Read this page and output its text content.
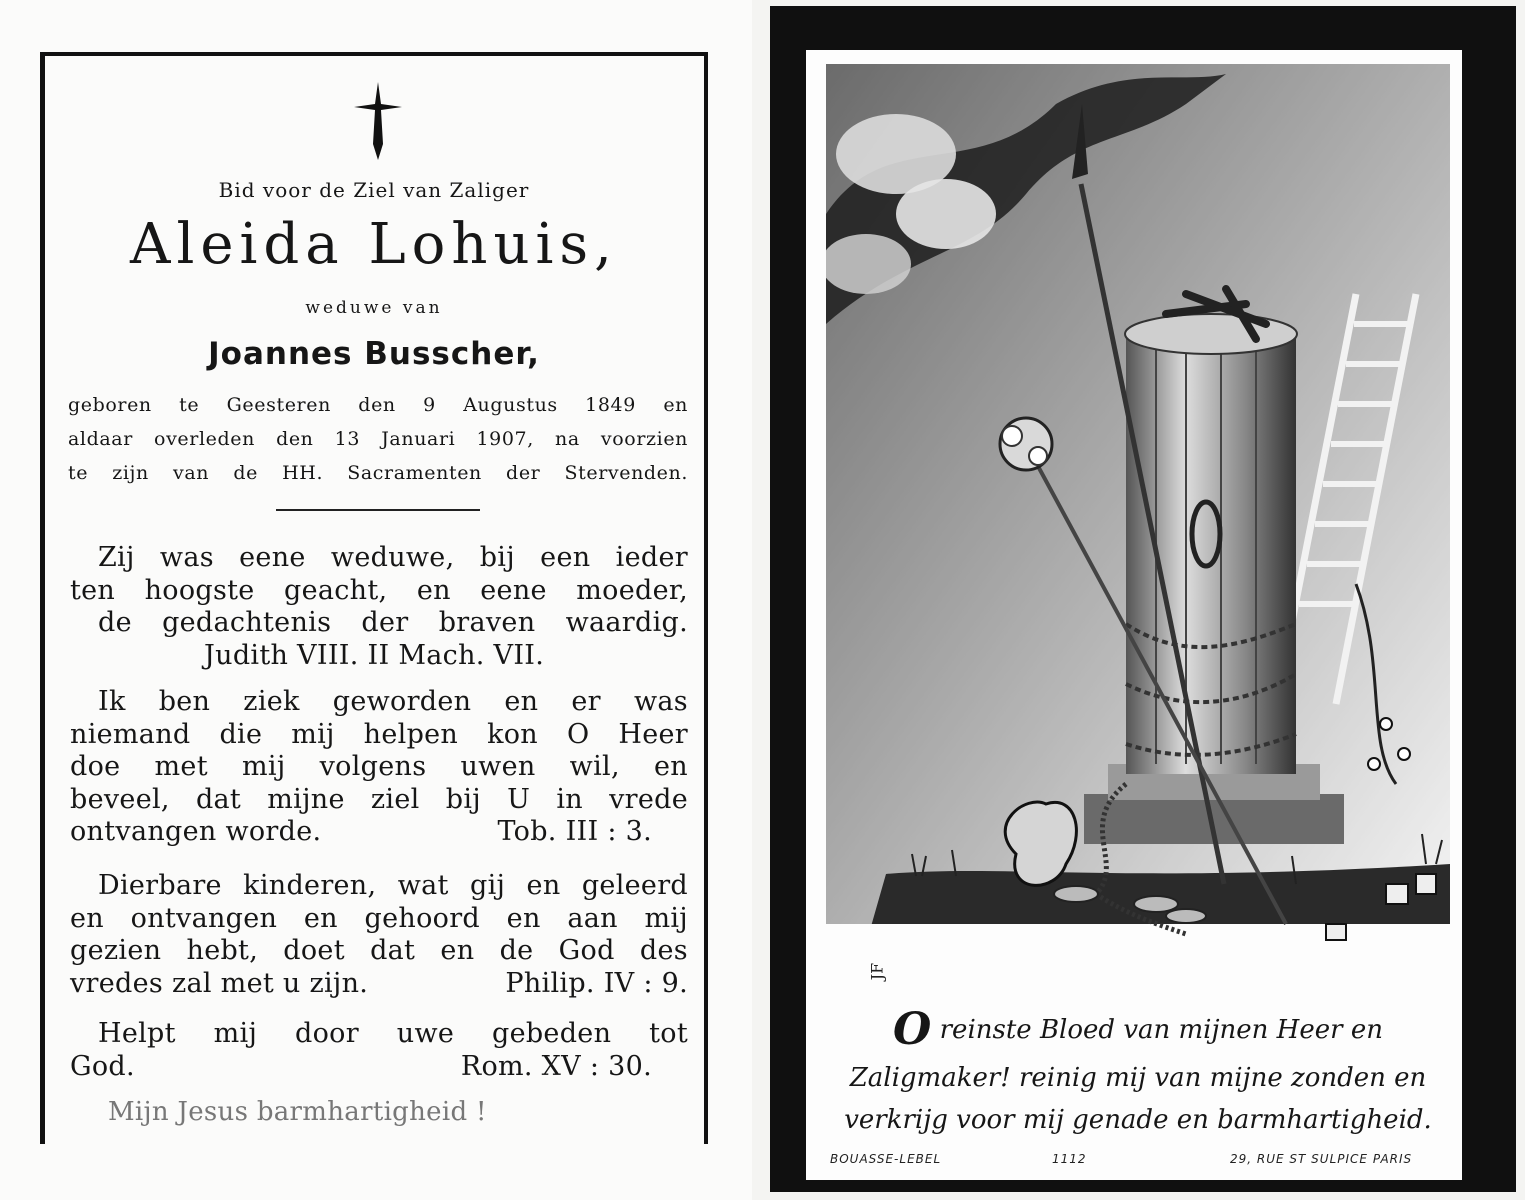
Bid voor de Ziel van Zaliger
Aleida Lohuis,
weduwe van
Joannes Busscher,
geboren te Geesteren den 9 Augustus 1849 en
aldaar overleden den 13 Januari 1907, na voorzien
te zijn van de HH. Sacramenten der Stervenden.
Zij was eene weduwe, bij een ieder
ten hoogste geacht, en eene moeder,
de gedachtenis der braven waardig.
Judith VIII. II Mach. VII.
Ik ben ziek geworden en er was
niemand die mij helpen kon O Heer
doe met mij volgens uwen wil, en
beveel, dat mijne ziel bij U in vrede
ontvangen worde.	Tob. III : 3.
Dierbare kinderen, wat gij en geleerd
en ontvangen en gehoord en aan mij
gezien hebt, doet dat en de God des
vredes zal met u zijn.	Philip. IV : 9.
Helpt mij door uwe gebeden tot
God.	Rom. XV : 30.
Mijn Jesus barmhartigheid !
JF
O reinste Bloed van mijnen Heer en
Zaligmaker! reinig mij van mijne zonden en
verkrijg voor mij genade en barmhartigheid.
BOUASSE-LEBEL	1112	29, RUE ST SULPICE PARIS
